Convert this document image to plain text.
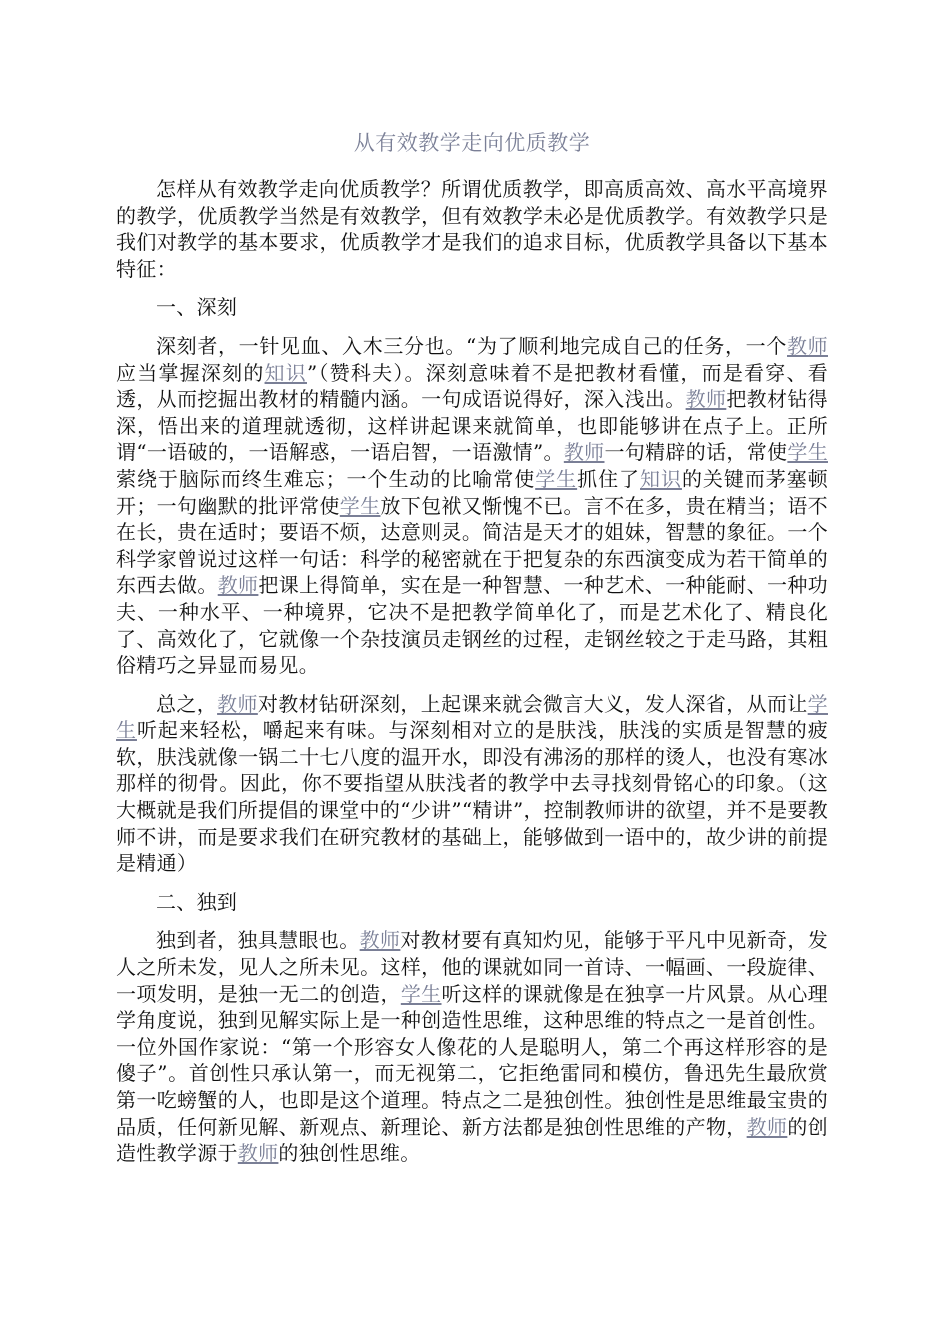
从有效教学走向优质教学

怎样从有效教学走向优质教学？所谓优质教学，即高质高效、高水平高境界的教学，优质教学当然是有效教学，但有效教学未必是优质教学。有效教学只是我们对教学的基本要求，优质教学才是我们的追求目标，优质教学具备以下基本特征：

一、深刻

深刻者，一针见血、入木三分也。“为了顺利地完成自己的任务，一个教师应当掌握深刻的知识”（赞科夫）。深刻意味着不是把教材看懂，而是看穿、看透，从而挖掘出教材的精髓内涵。一句成语说得好，深入浅出。教师把教材钻得深，悟出来的道理就透彻，这样讲起课来就简单，也即能够讲在点子上。正所谓“一语破的，一语解惑，一语启智，一语激情”。教师一句精辟的话，常使学生萦绕于脑际而终生难忘；一个生动的比喻常使学生抓住了知识的关键而茅塞顿开；一句幽默的批评常使学生放下包袱又惭愧不已。言不在多，贵在精当；语不在长，贵在适时；要语不烦，达意则灵。简洁是天才的姐妹，智慧的象征。一个科学家曾说过这样一句话：科学的秘密就在于把复杂的东西演变成为若干简单的东西去做。教师把课上得简单，实在是一种智慧、一种艺术、一种能耐、一种功夫、一种水平、一种境界，它决不是把教学简单化了，而是艺术化了、精良化了、高效化了，它就像一个杂技演员走钢丝的过程，走钢丝较之于走马路，其粗俗精巧之异显而易见。

总之，教师对教材钻研深刻，上起课来就会微言大义，发人深省，从而让学生听起来轻松，嚼起来有味。与深刻相对立的是肤浅，肤浅的实质是智慧的疲软，肤浅就像一锅二十七八度的温开水，即没有沸汤的那样的烫人，也没有寒冰那样的彻骨。因此，你不要指望从肤浅者的教学中去寻找刻骨铭心的印象。（这大概就是我们所提倡的课堂中的“少讲”“精讲”，控制教师讲的欲望，并不是要教师不讲，而是要求我们在研究教材的基础上，能够做到一语中的，故少讲的前提是精通）

二、独到

独到者，独具慧眼也。教师对教材要有真知灼见，能够于平凡中见新奇，发人之所未发，见人之所未见。这样，他的课就如同一首诗、一幅画、一段旋律、一项发明，是独一无二的创造，学生听这样的课就像是在独享一片风景。从心理学角度说，独到见解实际上是一种创造性思维，这种思维的特点之一是首创性。一位外国作家说：“第一个形容女人像花的人是聪明人，第二个再这样形容的是傻子”。首创性只承认第一，而无视第二，它拒绝雷同和模仿，鲁迅先生最欣赏第一吃螃蟹的人，也即是这个道理。特点之二是独创性。独创性是思维最宝贵的品质，任何新见解、新观点、新理论、新方法都是独创性思维的产物，教师的创造性教学源于教师的独创性思维。
